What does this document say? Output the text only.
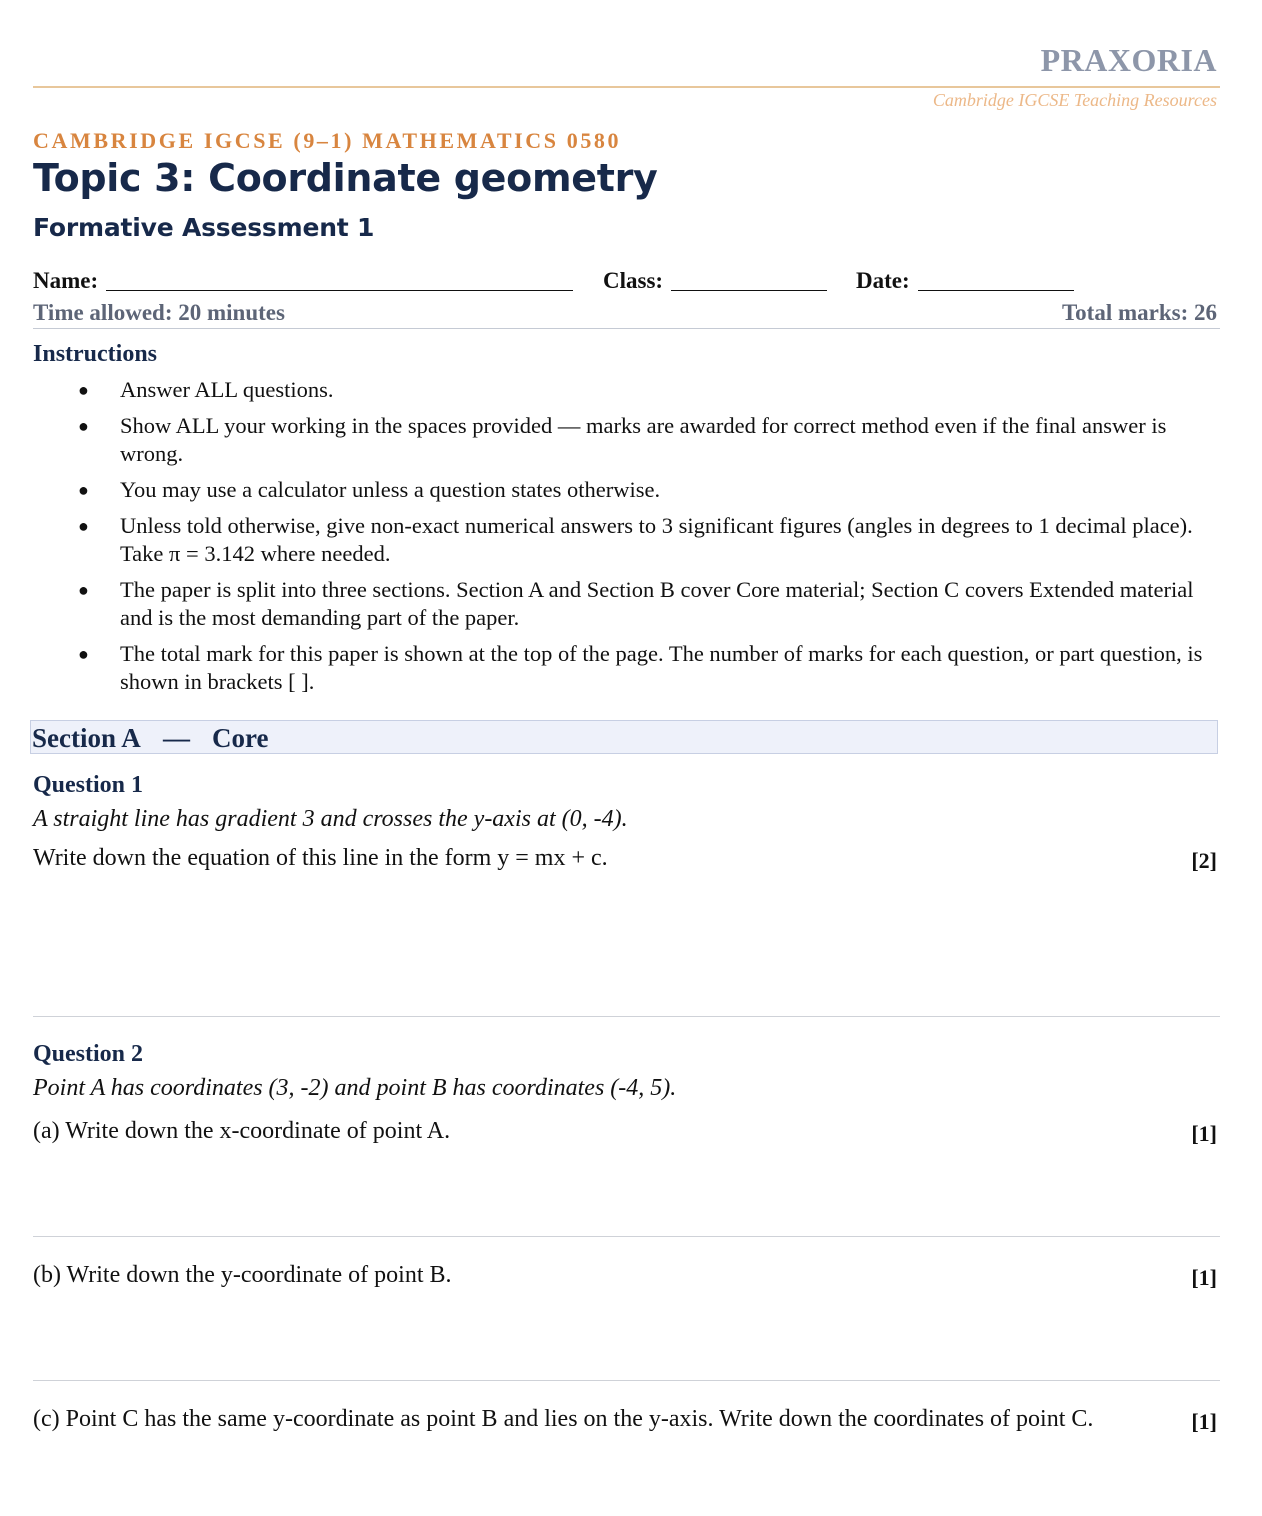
PRAXORIA
Cambridge IGCSE Teaching Resources
CAMBRIDGE IGCSE (9–1) MATHEMATICS 0580
Topic 3: Coordinate geometry
Formative Assessment 1
Name:	Class:	Date:
Time allowed: 20 minutes	Total marks: 26
Instructions
● Answer ALL questions.
● Show ALL your working in the spaces provided — marks are awarded for correct method even if the final answer is wrong.
● You may use a calculator unless a question states otherwise.
● Unless told otherwise, give non-exact numerical answers to 3 significant figures (angles in degrees to 1 decimal place). Take π = 3.142 where needed.
● The paper is split into three sections. Section A and Section B cover Core material; Section C covers Extended material and is the most demanding part of the paper.
● The total mark for this paper is shown at the top of the page. The number of marks for each question, or part question, is shown in brackets [ ].
Section A — Core
Question 1
A straight line has gradient 3 and crosses the y-axis at (0, -4).
Write down the equation of this line in the form y = mx + c.	[2]
Question 2
Point A has coordinates (3, -2) and point B has coordinates (-4, 5).
(a) Write down the x-coordinate of point A.	[1]
(b) Write down the y-coordinate of point B.	[1]
(c) Point C has the same y-coordinate as point B and lies on the y-axis. Write down the coordinates of point C.	[1]
